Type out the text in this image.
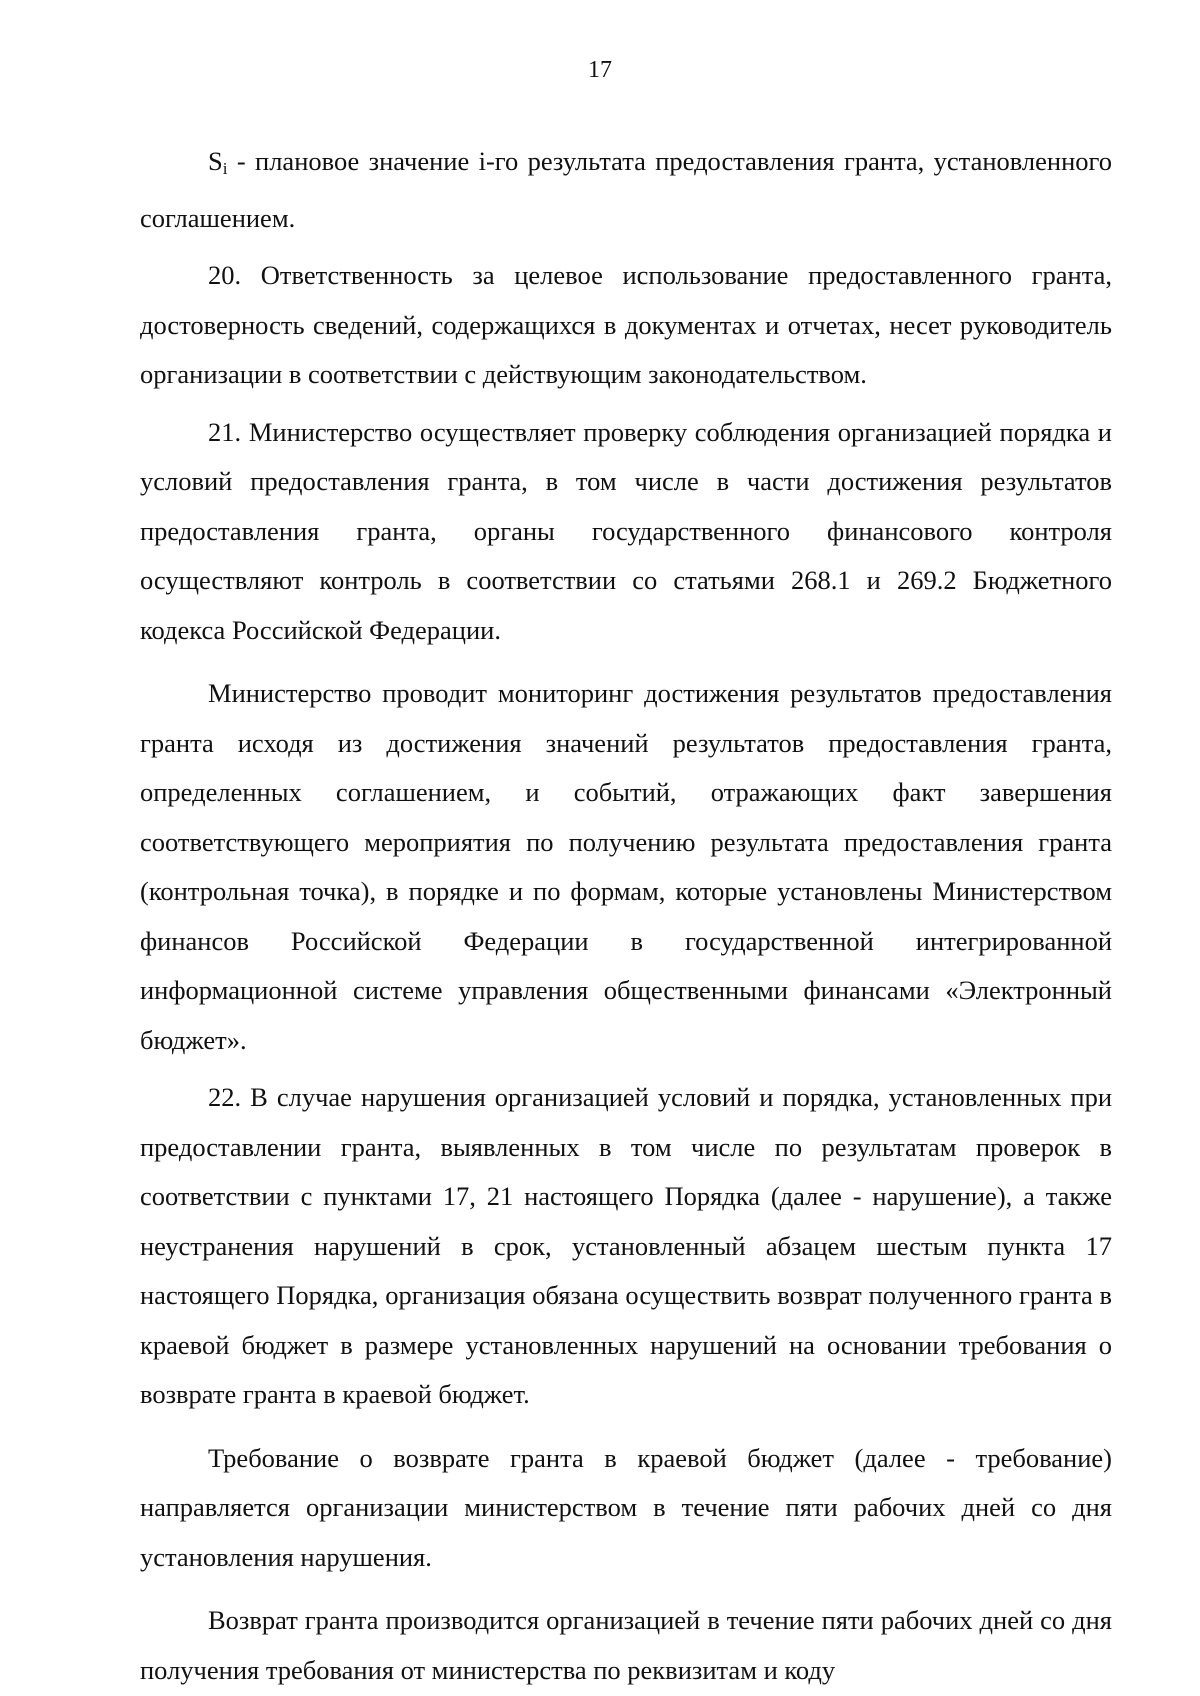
17

$S_i$ - плановое значение i-го результата предоставления гранта, установленного соглашением.

20. Ответственность за целевое использование предоставленного гранта, достоверность сведений, содержащихся в документах и отчетах, несет руководитель организации в соответствии с действующим законодательством.

21. Министерство осуществляет проверку соблюдения организацией порядка и условий предоставления гранта, в том числе в части достижения результатов предоставления гранта, органы государственного финансового контроля осуществляют контроль в соответствии со статьями 268.1 и 269.2 Бюджетного кодекса Российской Федерации.

Министерство проводит мониторинг достижения результатов предоставления гранта исходя из достижения значений результатов предоставления гранта, определенных соглашением, и событий, отражающих факт завершения соответствующего мероприятия по получению результата предоставления гранта (контрольная точка), в порядке и по формам, которые установлены Министерством финансов Российской Федерации в государственной интегрированной информационной системе управления общественными финансами «Электронный бюджет».

22. В случае нарушения организацией условий и порядка, установленных при предоставлении гранта, выявленных в том числе по результатам проверок в соответствии с пунктами 17, 21 настоящего Порядка (далее - нарушение), а также неустранения нарушений в срок, установленный абзацем шестым пункта 17 настоящего Порядка, организация обязана осуществить возврат полученного гранта в краевой бюджет в размере установленных нарушений на основании требования о возврате гранта в краевой бюджет.

Требование о возврате гранта в краевой бюджет (далее - требование) направляется организации министерством в течение пяти рабочих дней со дня установления нарушения.

Возврат гранта производится организацией в течение пяти рабочих дней со дня получения требования от министерства по реквизитам и коду
